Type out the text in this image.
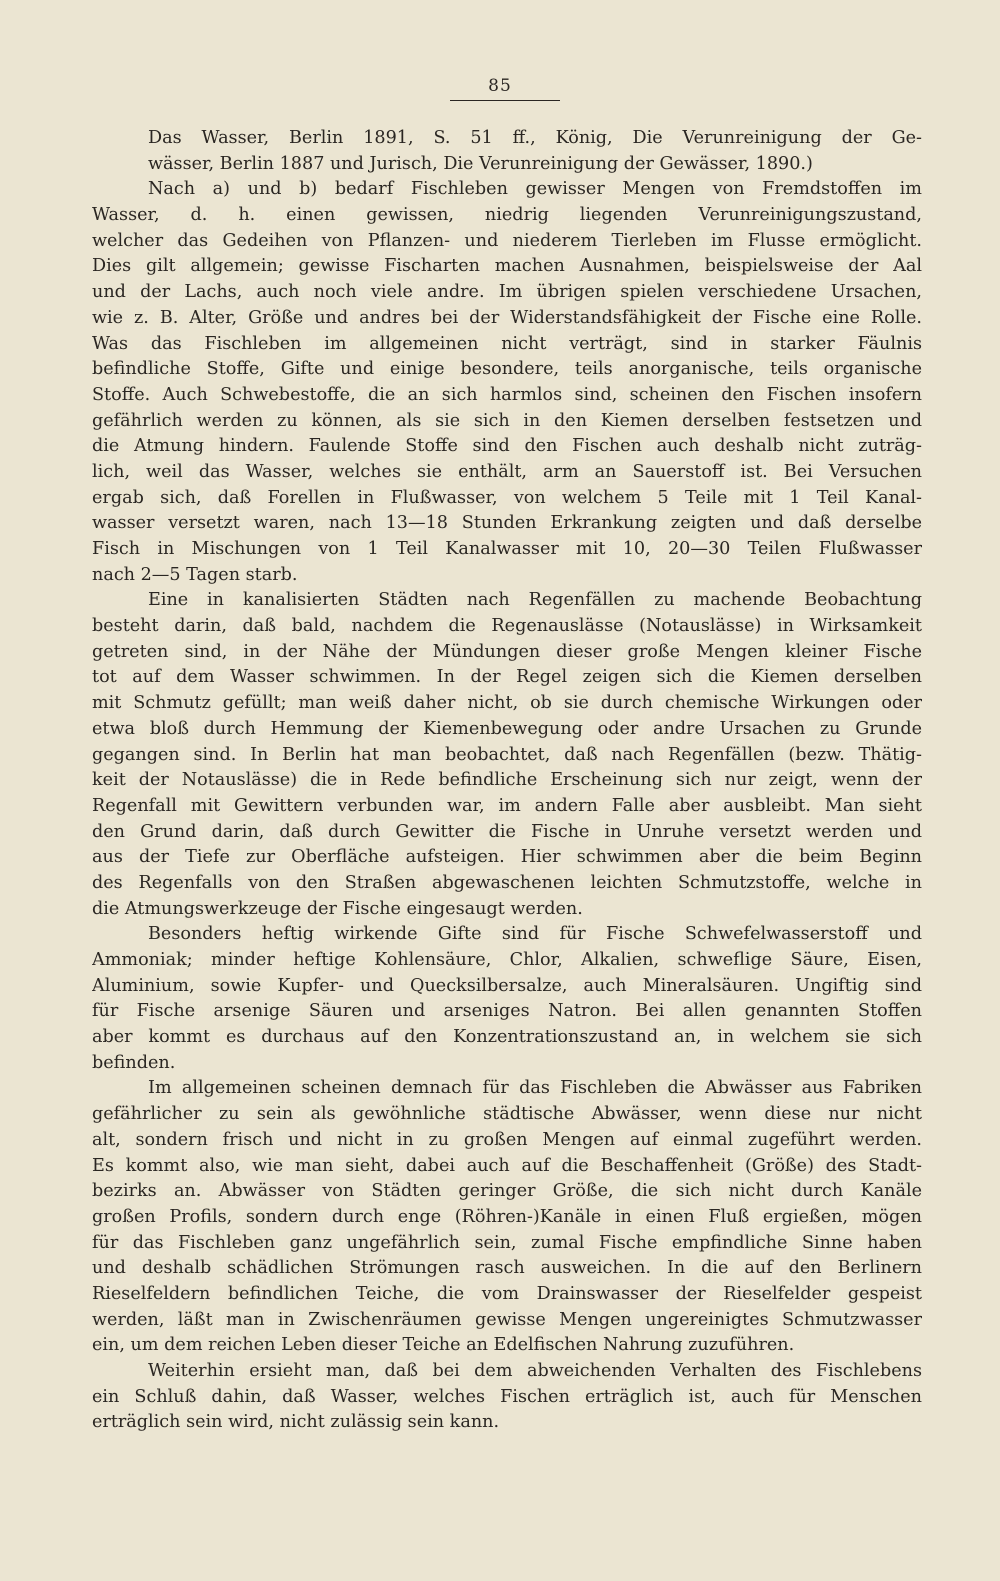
85
Das Wasser, Berlin 1891, S. 51 ff., König, Die Verunreinigung der Ge-
wässer, Berlin 1887 und Jurisch, Die Verunreinigung der Gewässer, 1890.)
Nach a) und b) bedarf Fischleben gewisser Mengen von Fremdstoffen im
Wasser, d. h. einen gewissen, niedrig liegenden Verunreinigungszustand,
welcher das Gedeihen von Pflanzen- und niederem Tierleben im Flusse ermöglicht.
Dies gilt allgemein; gewisse Fischarten machen Ausnahmen, beispielsweise der Aal
und der Lachs, auch noch viele andre. Im übrigen spielen verschiedene Ursachen,
wie z. B. Alter, Größe und andres bei der Widerstandsfähigkeit der Fische eine Rolle.
Was das Fischleben im allgemeinen nicht verträgt, sind in starker Fäulnis
befindliche Stoffe, Gifte und einige besondere, teils anorganische, teils organische
Stoffe. Auch Schwebestoffe, die an sich harmlos sind, scheinen den Fischen insofern
gefährlich werden zu können, als sie sich in den Kiemen derselben festsetzen und
die Atmung hindern. Faulende Stoffe sind den Fischen auch deshalb nicht zuträg-
lich, weil das Wasser, welches sie enthält, arm an Sauerstoff ist. Bei Versuchen
ergab sich, daß Forellen in Flußwasser, von welchem 5 Teile mit 1 Teil Kanal-
wasser versetzt waren, nach 13—18 Stunden Erkrankung zeigten und daß derselbe
Fisch in Mischungen von 1 Teil Kanalwasser mit 10, 20—30 Teilen Flußwasser
nach 2—5 Tagen starb.
Eine in kanalisierten Städten nach Regenfällen zu machende Beobachtung
besteht darin, daß bald, nachdem die Regenauslässe (Notauslässe) in Wirksamkeit
getreten sind, in der Nähe der Mündungen dieser große Mengen kleiner Fische
tot auf dem Wasser schwimmen. In der Regel zeigen sich die Kiemen derselben
mit Schmutz gefüllt; man weiß daher nicht, ob sie durch chemische Wirkungen oder
etwa bloß durch Hemmung der Kiemenbewegung oder andre Ursachen zu Grunde
gegangen sind. In Berlin hat man beobachtet, daß nach Regenfällen (bezw. Thätig-
keit der Notauslässe) die in Rede befindliche Erscheinung sich nur zeigt, wenn der
Regenfall mit Gewittern verbunden war, im andern Falle aber ausbleibt. Man sieht
den Grund darin, daß durch Gewitter die Fische in Unruhe versetzt werden und
aus der Tiefe zur Oberfläche aufsteigen. Hier schwimmen aber die beim Beginn
des Regenfalls von den Straßen abgewaschenen leichten Schmutzstoffe, welche in
die Atmungswerkzeuge der Fische eingesaugt werden.
Besonders heftig wirkende Gifte sind für Fische Schwefelwasserstoff und
Ammoniak; minder heftige Kohlensäure, Chlor, Alkalien, schweflige Säure, Eisen,
Aluminium, sowie Kupfer- und Quecksilbersalze, auch Mineralsäuren. Ungiftig sind
für Fische arsenige Säuren und arseniges Natron. Bei allen genannten Stoffen
aber kommt es durchaus auf den Konzentrationszustand an, in welchem sie sich
befinden.
Im allgemeinen scheinen demnach für das Fischleben die Abwässer aus Fabriken
gefährlicher zu sein als gewöhnliche städtische Abwässer, wenn diese nur nicht
alt, sondern frisch und nicht in zu großen Mengen auf einmal zugeführt werden.
Es kommt also, wie man sieht, dabei auch auf die Beschaffenheit (Größe) des Stadt-
bezirks an. Abwässer von Städten geringer Größe, die sich nicht durch Kanäle
großen Profils, sondern durch enge (Röhren-)Kanäle in einen Fluß ergießen, mögen
für das Fischleben ganz ungefährlich sein, zumal Fische empfindliche Sinne haben
und deshalb schädlichen Strömungen rasch ausweichen. In die auf den Berlinern
Rieselfeldern befindlichen Teiche, die vom Drainswasser der Rieselfelder gespeist
werden, läßt man in Zwischenräumen gewisse Mengen ungereinigtes Schmutzwasser
ein, um dem reichen Leben dieser Teiche an Edelfischen Nahrung zuzuführen.
Weiterhin ersieht man, daß bei dem abweichenden Verhalten des Fischlebens
ein Schluß dahin, daß Wasser, welches Fischen erträglich ist, auch für Menschen
erträglich sein wird, nicht zulässig sein kann.
